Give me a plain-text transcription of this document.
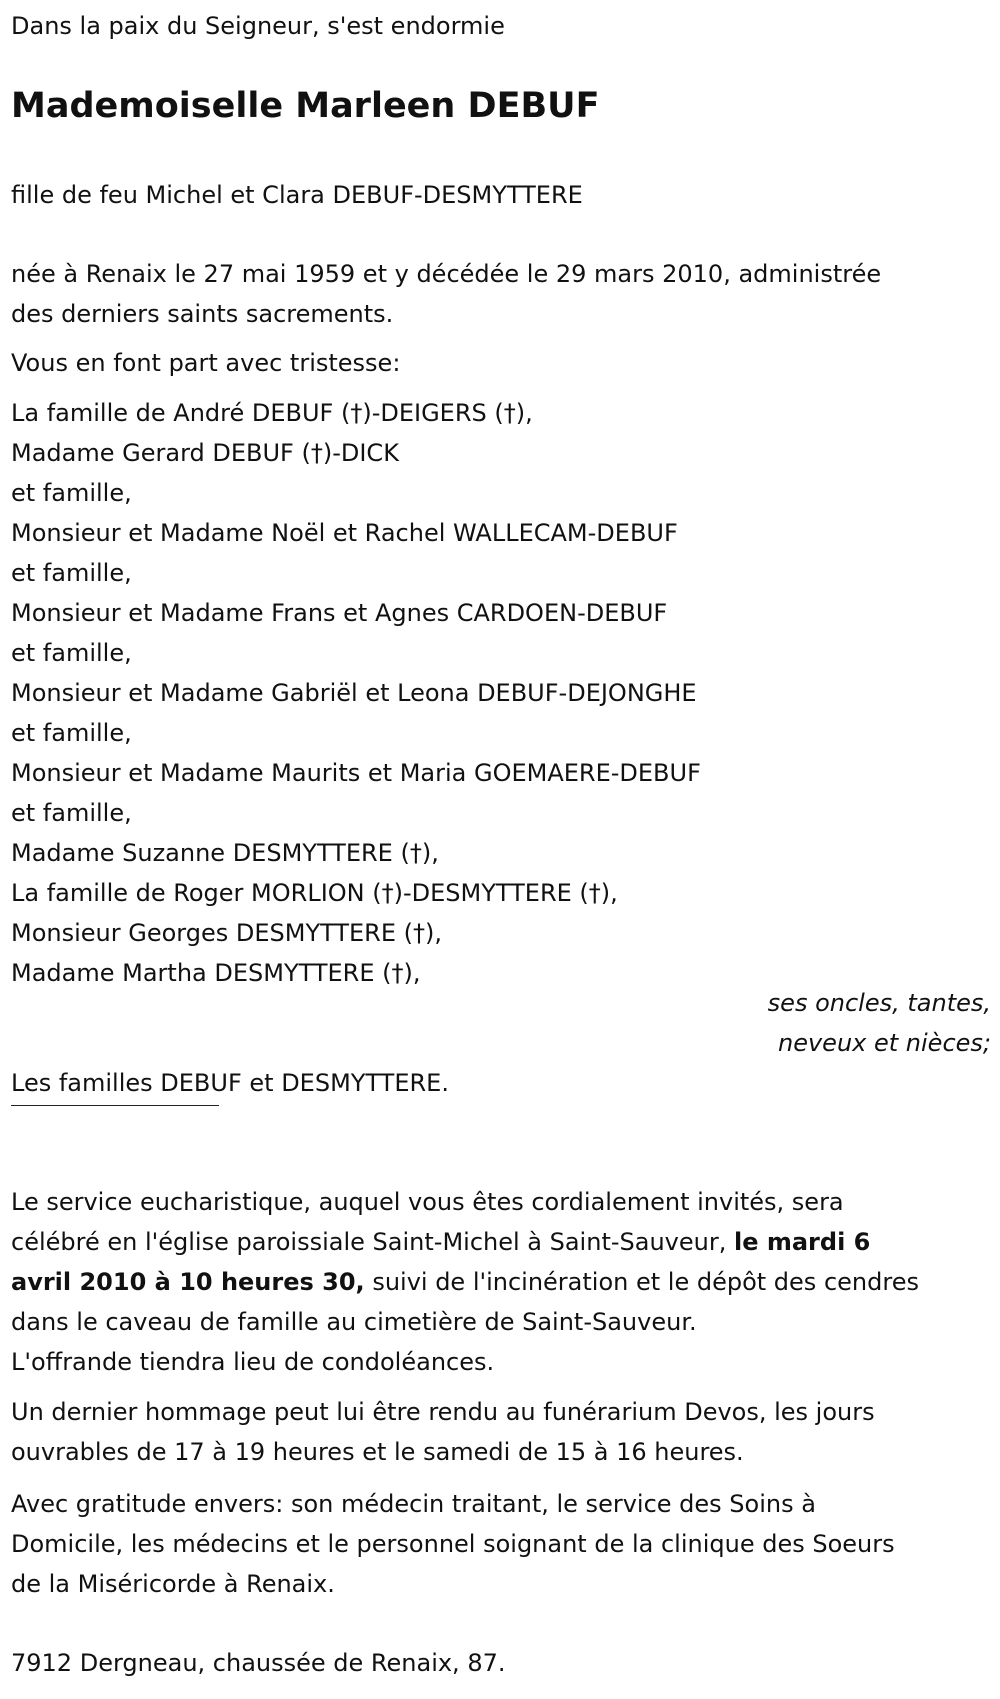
Dans la paix du Seigneur, s'est endormie
Mademoiselle Marleen DEBUF
fille de feu Michel et Clara DEBUF-DESMYTTERE
née à Renaix le 27 mai 1959 et y décédée le 29 mars 2010, administrée
des derniers saints sacrements.
Vous en font part avec tristesse:
La famille de André DEBUF (†)-DEIGERS (†),
Madame Gerard DEBUF (†)-DICK
et famille,
Monsieur et Madame Noël et Rachel WALLECAM-DEBUF
et famille,
Monsieur et Madame Frans et Agnes CARDOEN-DEBUF
et famille,
Monsieur et Madame Gabriël et Leona DEBUF-DEJONGHE
et famille,
Monsieur et Madame Maurits et Maria GOEMAERE-DEBUF
et famille,
Madame Suzanne DESMYTTERE (†),
La famille de Roger MORLION (†)-DESMYTTERE (†),
Monsieur Georges DESMYTTERE (†),
Madame Martha DESMYTTERE (†),
ses oncles, tantes,
neveux et nièces;
Les familles DEBUF et DESMYTTERE.
Le service eucharistique, auquel vous êtes cordialement invités, sera
célébré en l'église paroissiale Saint-Michel à Saint-Sauveur, le mardi 6
avril 2010 à 10 heures 30, suivi de l'incinération et le dépôt des cendres
dans le caveau de famille au cimetière de Saint-Sauveur.
L'offrande tiendra lieu de condoléances.
Un dernier hommage peut lui être rendu au funérarium Devos, les jours
ouvrables de 17 à 19 heures et le samedi de 15 à 16 heures.
Avec gratitude envers: son médecin traitant, le service des Soins à
Domicile, les médecins et le personnel soignant de la clinique des Soeurs
de la Miséricorde à Renaix.
7912 Dergneau, chaussée de Renaix, 87.
